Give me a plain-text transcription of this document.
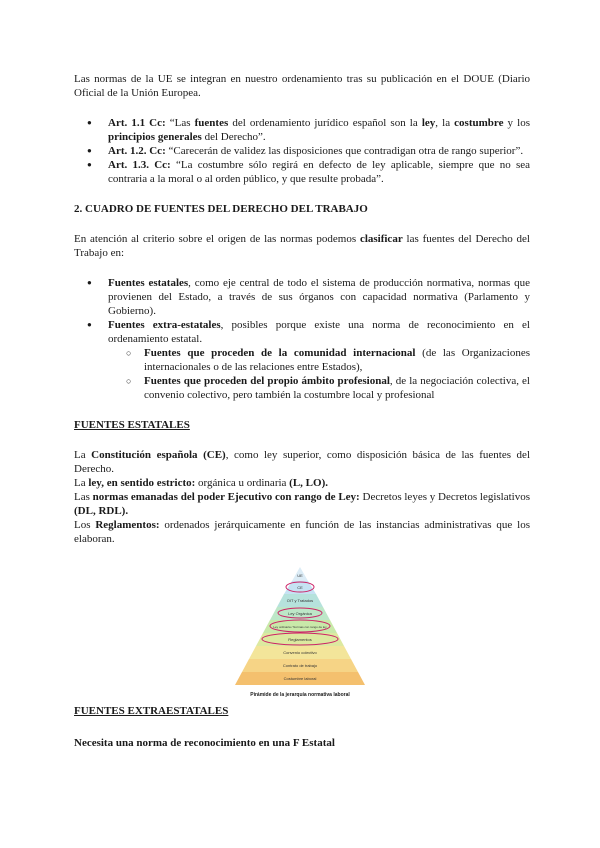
Las normas de la UE se integran en nuestro ordenamiento tras su publicación en el DOUE (Diario Oficial de la Unión Europea.

● Art. 1.1 Cc: “Las fuentes del ordenamiento jurídico español son la ley, la costumbre y los principios generales del Derecho”.
● Art. 1.2. Cc: “Carecerán de validez las disposiciones que contradigan otra de rango superior”.
● Art. 1.3. Cc: “La costumbre sólo regirá en defecto de ley aplicable, siempre que no sea contraria a la moral o al orden público, y que resulte probada”.

2. CUADRO DE FUENTES DEL DERECHO DEL TRABAJO

En atención al criterio sobre el origen de las normas podemos clasificar las fuentes del Derecho del Trabajo en:

● Fuentes estatales, como eje central de todo el sistema de producción normativa, normas que provienen del Estado, a través de sus órganos con capacidad normativa (Parlamento y Gobierno).
● Fuentes extra-estatales, posibles porque existe una norma de reconocimiento en el ordenamiento estatal.
○ Fuentes que proceden de la comunidad internacional (de las Organizaciones internacionales o de las relaciones entre Estados),
○ Fuentes que proceden del propio ámbito profesional, de la negociación colectiva, el convenio colectivo, pero también la costumbre local y profesional

FUENTES ESTATALES

La Constitución española (CE), como ley superior, como disposición básica de las fuentes del Derecho.

La ley, en sentido estricto: orgánica u ordinaria (L, LO).

Las normas emanadas del poder Ejecutivo con rango de Ley: Decretos leyes y Decretos legislativos (DL, RDL).

Los Reglamentos: ordenados jerárquicamente en función de las instancias administrativas que los elaboran.

UE
CE
OIT y Tratados
Ley Orgánica
Ley ordinaria / Normas con rango de ley
Reglamentos
Convenio colectivo
Contrato de trabajo
Costumbre laboral
Pirámide de la jerarquía normativa laboral

FUENTES EXTRAESTATALES

Necesita una norma de reconocimiento en una F Estatal
